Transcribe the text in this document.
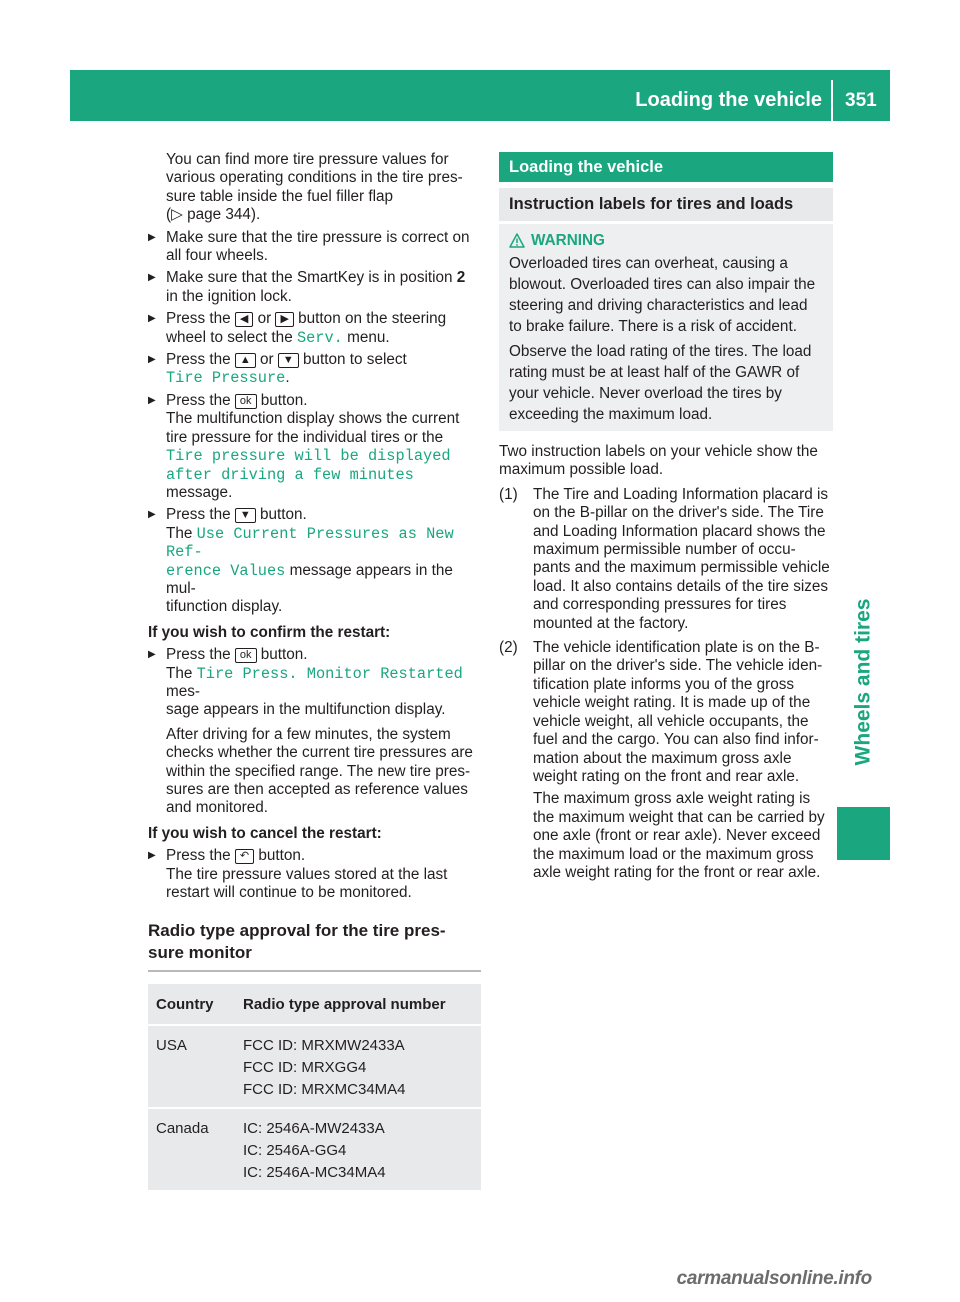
Loading the vehicle 351
Wheels and tires

You can find more tire pressure values for

various operating conditions in the tire pres-

sure table inside the fuel filler flap

(▷ page 344).

▶ Make sure that the tire pressure is correct on

all four wheels.

▶ Make sure that the SmartKey is in position 2

in the ignition lock.

▶ Press the ◀ or ▶ button on the steering

wheel to select the Serv. menu.

▶ Press the ▲ or ▼ button to select

Tire Pressure.

▶ Press the ok button.

The multifunction display shows the current

tire pressure for the individual tires or the

Tire pressure will be displayed

after driving a few minutes message.

▶ Press the ▼ button.

The Use Current Pressures as New Ref‑

erence Values message appears in the mul-

tifunction display.

If you wish to confirm the restart:

▶ Press the ok button.

The Tire Press. Monitor Restarted mes-

sage appears in the multifunction display.

After driving for a few minutes, the system

checks whether the current tire pressures are

within the specified range. The new tire pres-

sures are then accepted as reference values

and monitored.

If you wish to cancel the restart:

▶ Press the ↶ button.

The tire pressure values stored at the last

restart will continue to be monitored.

Radio type approval for the tire pres-
sure monitor
Country	Radio type approval number
USA	FCC ID: MRXMW2433A
FCC ID: MRXGG4
FCC ID: MRXMC34MA4

Canada	IC: 2546A-MW2433A
IC: 2546A-GG4
IC: 2546A-MC34MA4
Loading the vehicle
Instruction labels for tires and loads
WARNING

Overloaded tires can overheat, causing a

blowout. Overloaded tires can also impair the

steering and driving characteristics and lead

to brake failure. There is a risk of accident.

Observe the load rating of the tires. The load

rating must be at least half of the GAWR of

your vehicle. Never overload the tires by

exceeding the maximum load.

Two instruction labels on your vehicle show the

maximum possible load.

(1) The Tire and Loading Information placard is

on the B-pillar on the driver's side. The Tire

and Loading Information placard shows the

maximum permissible number of occu-

pants and the maximum permissible vehicle

load. It also contains details of the tire sizes

and corresponding pressures for tires

mounted at the factory.

(2) The vehicle identification plate is on the B-

pillar on the driver's side. The vehicle iden-

tification plate informs you of the gross

vehicle weight rating. It is made up of the

vehicle weight, all vehicle occupants, the

fuel and the cargo. You can also find infor-

mation about the maximum gross axle

weight rating on the front and rear axle.

The maximum gross axle weight rating is

the maximum weight that can be carried by

one axle (front or rear axle). Never exceed

the maximum load or the maximum gross

axle weight rating for the front or rear axle.

carmanualsonline.info
